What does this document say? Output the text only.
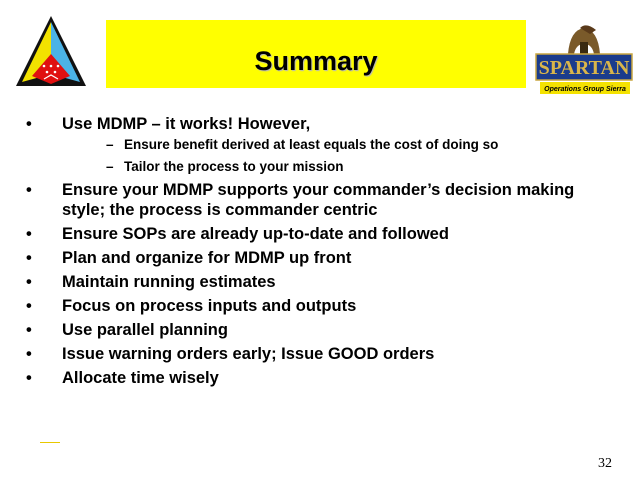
Summary	SPARTAN
Operations Group Sierra
• Use MDMP – it works! However,
– Ensure benefit derived at least equals the cost of doing so
– Tailor the process to your mission
• Ensure your MDMP supports your commander’s decision making style; the process is commander centric
• Ensure SOPs are already up-to-date and followed
• Plan and organize for MDMP up front
• Maintain running estimates
• Focus on process inputs and outputs
• Use parallel planning
• Issue warning orders early; Issue GOOD orders
• Allocate time wisely
32
